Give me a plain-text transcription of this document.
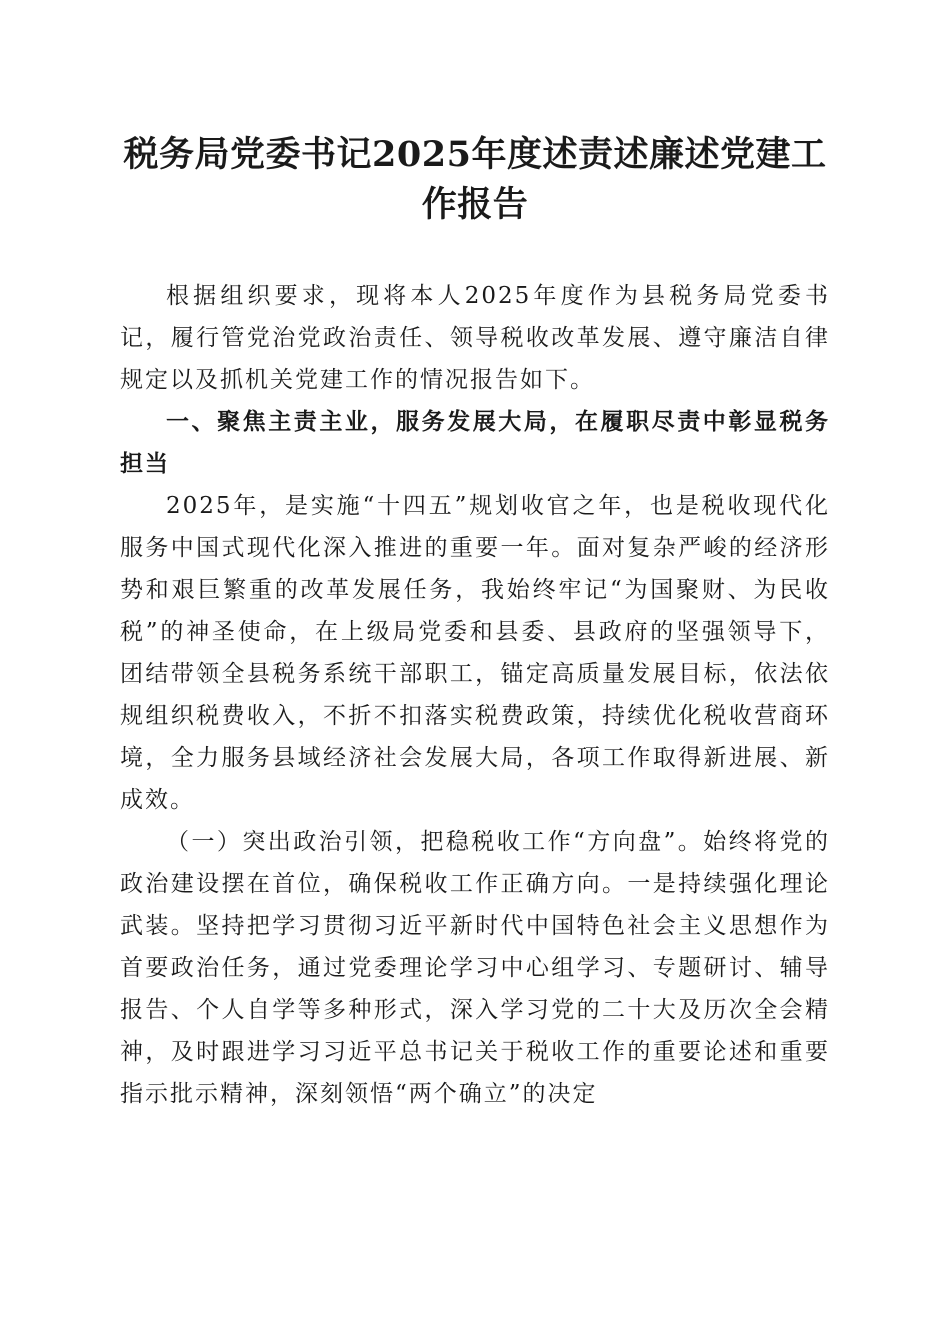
税务局党委书记2025年度述责述廉述党建工
作报告

根据组织要求，现将本人2025年度作为县税务局党委书记，履行管党治党政治责任、领导税收改革发展、遵守廉洁自律规定以及抓机关党建工作的情况报告如下。

一、聚焦主责主业，服务发展大局，在履职尽责中彰显税务担当

2025年，是实施“十四五”规划收官之年，也是税收现代化服务中国式现代化深入推进的重要一年。面对复杂严峻的经济形势和艰巨繁重的改革发展任务，我始终牢记“为国聚财、为民收税”的神圣使命，在上级局党委和县委、县政府的坚强领导下，团结带领全县税务系统干部职工，锚定高质量发展目标，依法依规组织税费收入，不折不扣落实税费政策，持续优化税收营商环境，全力服务县域经济社会发展大局，各项工作取得新进展、新成效。

（一）突出政治引领，把稳税收工作“方向盘”。始终将党的政治建设摆在首位，确保税收工作正确方向。一是持续强化理论武装。坚持把学习贯彻习近平新时代中国特色社会主义思想作为首要政治任务，通过党委理论学习中心组学习、专题研讨、辅导报告、个人自学等多种形式，深入学习党的二十大及历次全会精神，及时跟进学习习近平总书记关于税收工作的重要论述和重要指示批示精神，深刻领悟“两个确立”的决定
